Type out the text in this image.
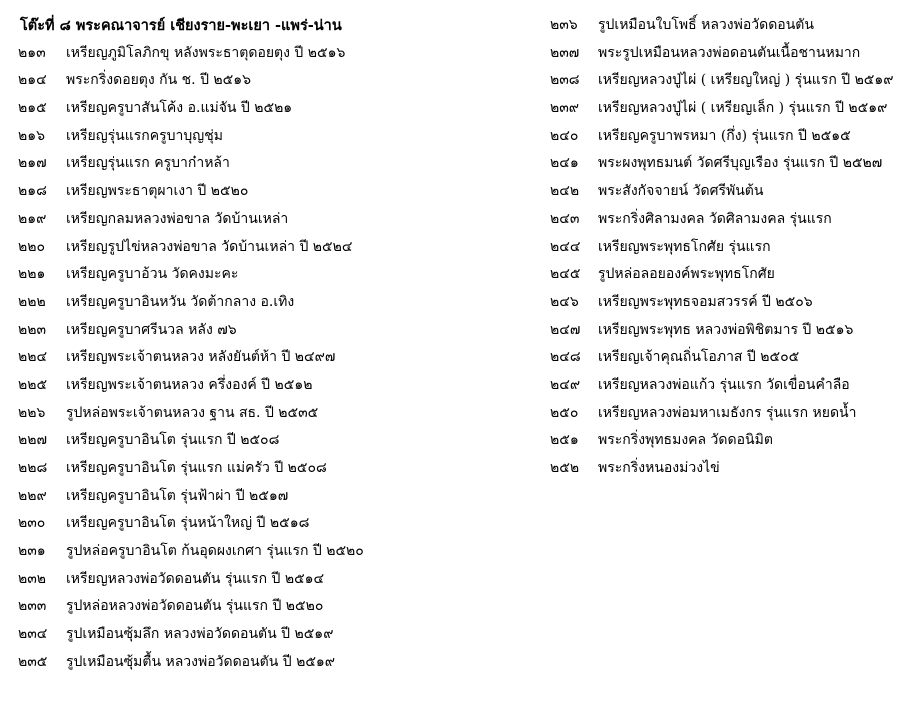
โต๊ะที่ ๘ พระคณาจารย์ เชียงราย-พะเยา -แพร่-น่าน
๒๑๓ เหรียญภูมิโลภิกขุ หลังพระธาตุดอยตุง ปี ๒๕๑๖
๒๑๔ พระกริ่งดอยตุง กัน ช. ปี ๒๕๑๖
๒๑๕ เหรียญครูบาสันโค้ง อ.แม่จัน ปี ๒๕๒๑
๒๑๖ เหรียญรุ่นแรกครูบาบุญชุ่ม
๒๑๗ เหรียญรุ่นแรก ครูบาก๋าหล้า
๒๑๘ เหรียญพระธาตุผาเงา ปี ๒๕๒๐
๒๑๙ เหรียญกลมหลวงพ่อขาล วัดบ้านเหล่า
๒๒๐ เหรียญรูปไข่หลวงพ่อขาล วัดบ้านเหล่า ปี ๒๕๒๔
๒๒๑ เหรียญครูบาอ้วน วัดคงมะคะ
๒๒๒ เหรียญครูบาอินหวัน วัดต้ากลาง อ.เทิง
๒๒๓ เหรียญครูบาศรีนวล หลัง ๗๖
๒๒๔ เหรียญพระเจ้าตนหลวง หลังยันต์ห้า ปี ๒๔๙๗
๒๒๕ เหรียญพระเจ้าตนหลวง ครึ่งองค์ ปี ๒๕๑๒
๒๒๖ รูปหล่อพระเจ้าตนหลวง ฐาน สธ. ปี ๒๕๓๕
๒๒๗ เหรียญครูบาอินโต รุ่นแรก ปี ๒๕๐๘
๒๒๘ เหรียญครูบาอินโต รุ่นแรก แม่ครัว ปี ๒๕๐๘
๒๒๙ เหรียญครูบาอินโต รุ่นฟ้าผ่า ปี ๒๕๑๗
๒๓๐ เหรียญครูบาอินโต รุ่นหน้าใหญ่ ปี ๒๕๑๘
๒๓๑ รูปหล่อครูบาอินโต ก้นอุดผงเกศา รุ่นแรก ปี ๒๕๒๐
๒๓๒ เหรียญหลวงพ่อวัดดอนตัน รุ่นแรก ปี ๒๕๑๔
๒๓๓ รูปหล่อหลวงพ่อวัดดอนตัน รุ่นแรก ปี ๒๕๒๐
๒๓๔ รูปเหมือนซุ้มลึก หลวงพ่อวัดดอนตัน ปี ๒๕๑๙
๒๓๕ รูปเหมือนซุ้มตื้น หลวงพ่อวัดดอนตัน ปี ๒๕๑๙
๒๓๖ รูปเหมือนใบโพธิ์ หลวงพ่อวัดดอนตัน
๒๓๗ พระรูปเหมือนหลวงพ่อดอนตันเนื้อชานหมาก
๒๓๘ เหรียญหลวงปู่ไผ่ ( เหรียญใหญ่ ) รุ่นแรก ปี ๒๕๑๙
๒๓๙ เหรียญหลวงปู่ไผ่ ( เหรียญเล็ก ) รุ่นแรก ปี ๒๕๑๙
๒๔๐ เหรียญครูบาพรหมา (กึ่ง) รุ่นแรก ปี ๒๕๑๕
๒๔๑ พระผงพุทธมนต์ วัดศรีบุญเรือง รุ่นแรก ปี ๒๕๒๗
๒๔๒ พระสังกัจจายน์ วัดศรีพันต้น
๒๔๓ พระกริ่งศิลามงคล วัดศิลามงคล รุ่นแรก
๒๔๔ เหรียญพระพุทธโกศัย รุ่นแรก
๒๔๕ รูปหล่อลอยองค์พระพุทธโกศัย
๒๔๖ เหรียญพระพุทธจอมสวรรค์ ปี ๒๕๐๖
๒๔๗ เหรียญพระพุทธ หลวงพ่อพิชิตมาร ปี ๒๕๑๖
๒๔๘ เหรียญเจ้าคุณถิ่นโอภาส ปี ๒๕๐๕
๒๔๙ เหรียญหลวงพ่อแก้ว รุ่นแรก วัดเขื่อนคำลือ
๒๕๐ เหรียญหลวงพ่อมหาเมธังกร รุ่นแรก หยดน้ำ
๒๕๑ พระกริ่งพุทธมงคล วัดดอนิมิต
๒๕๒ พระกริ่งหนองม่วงไข่
